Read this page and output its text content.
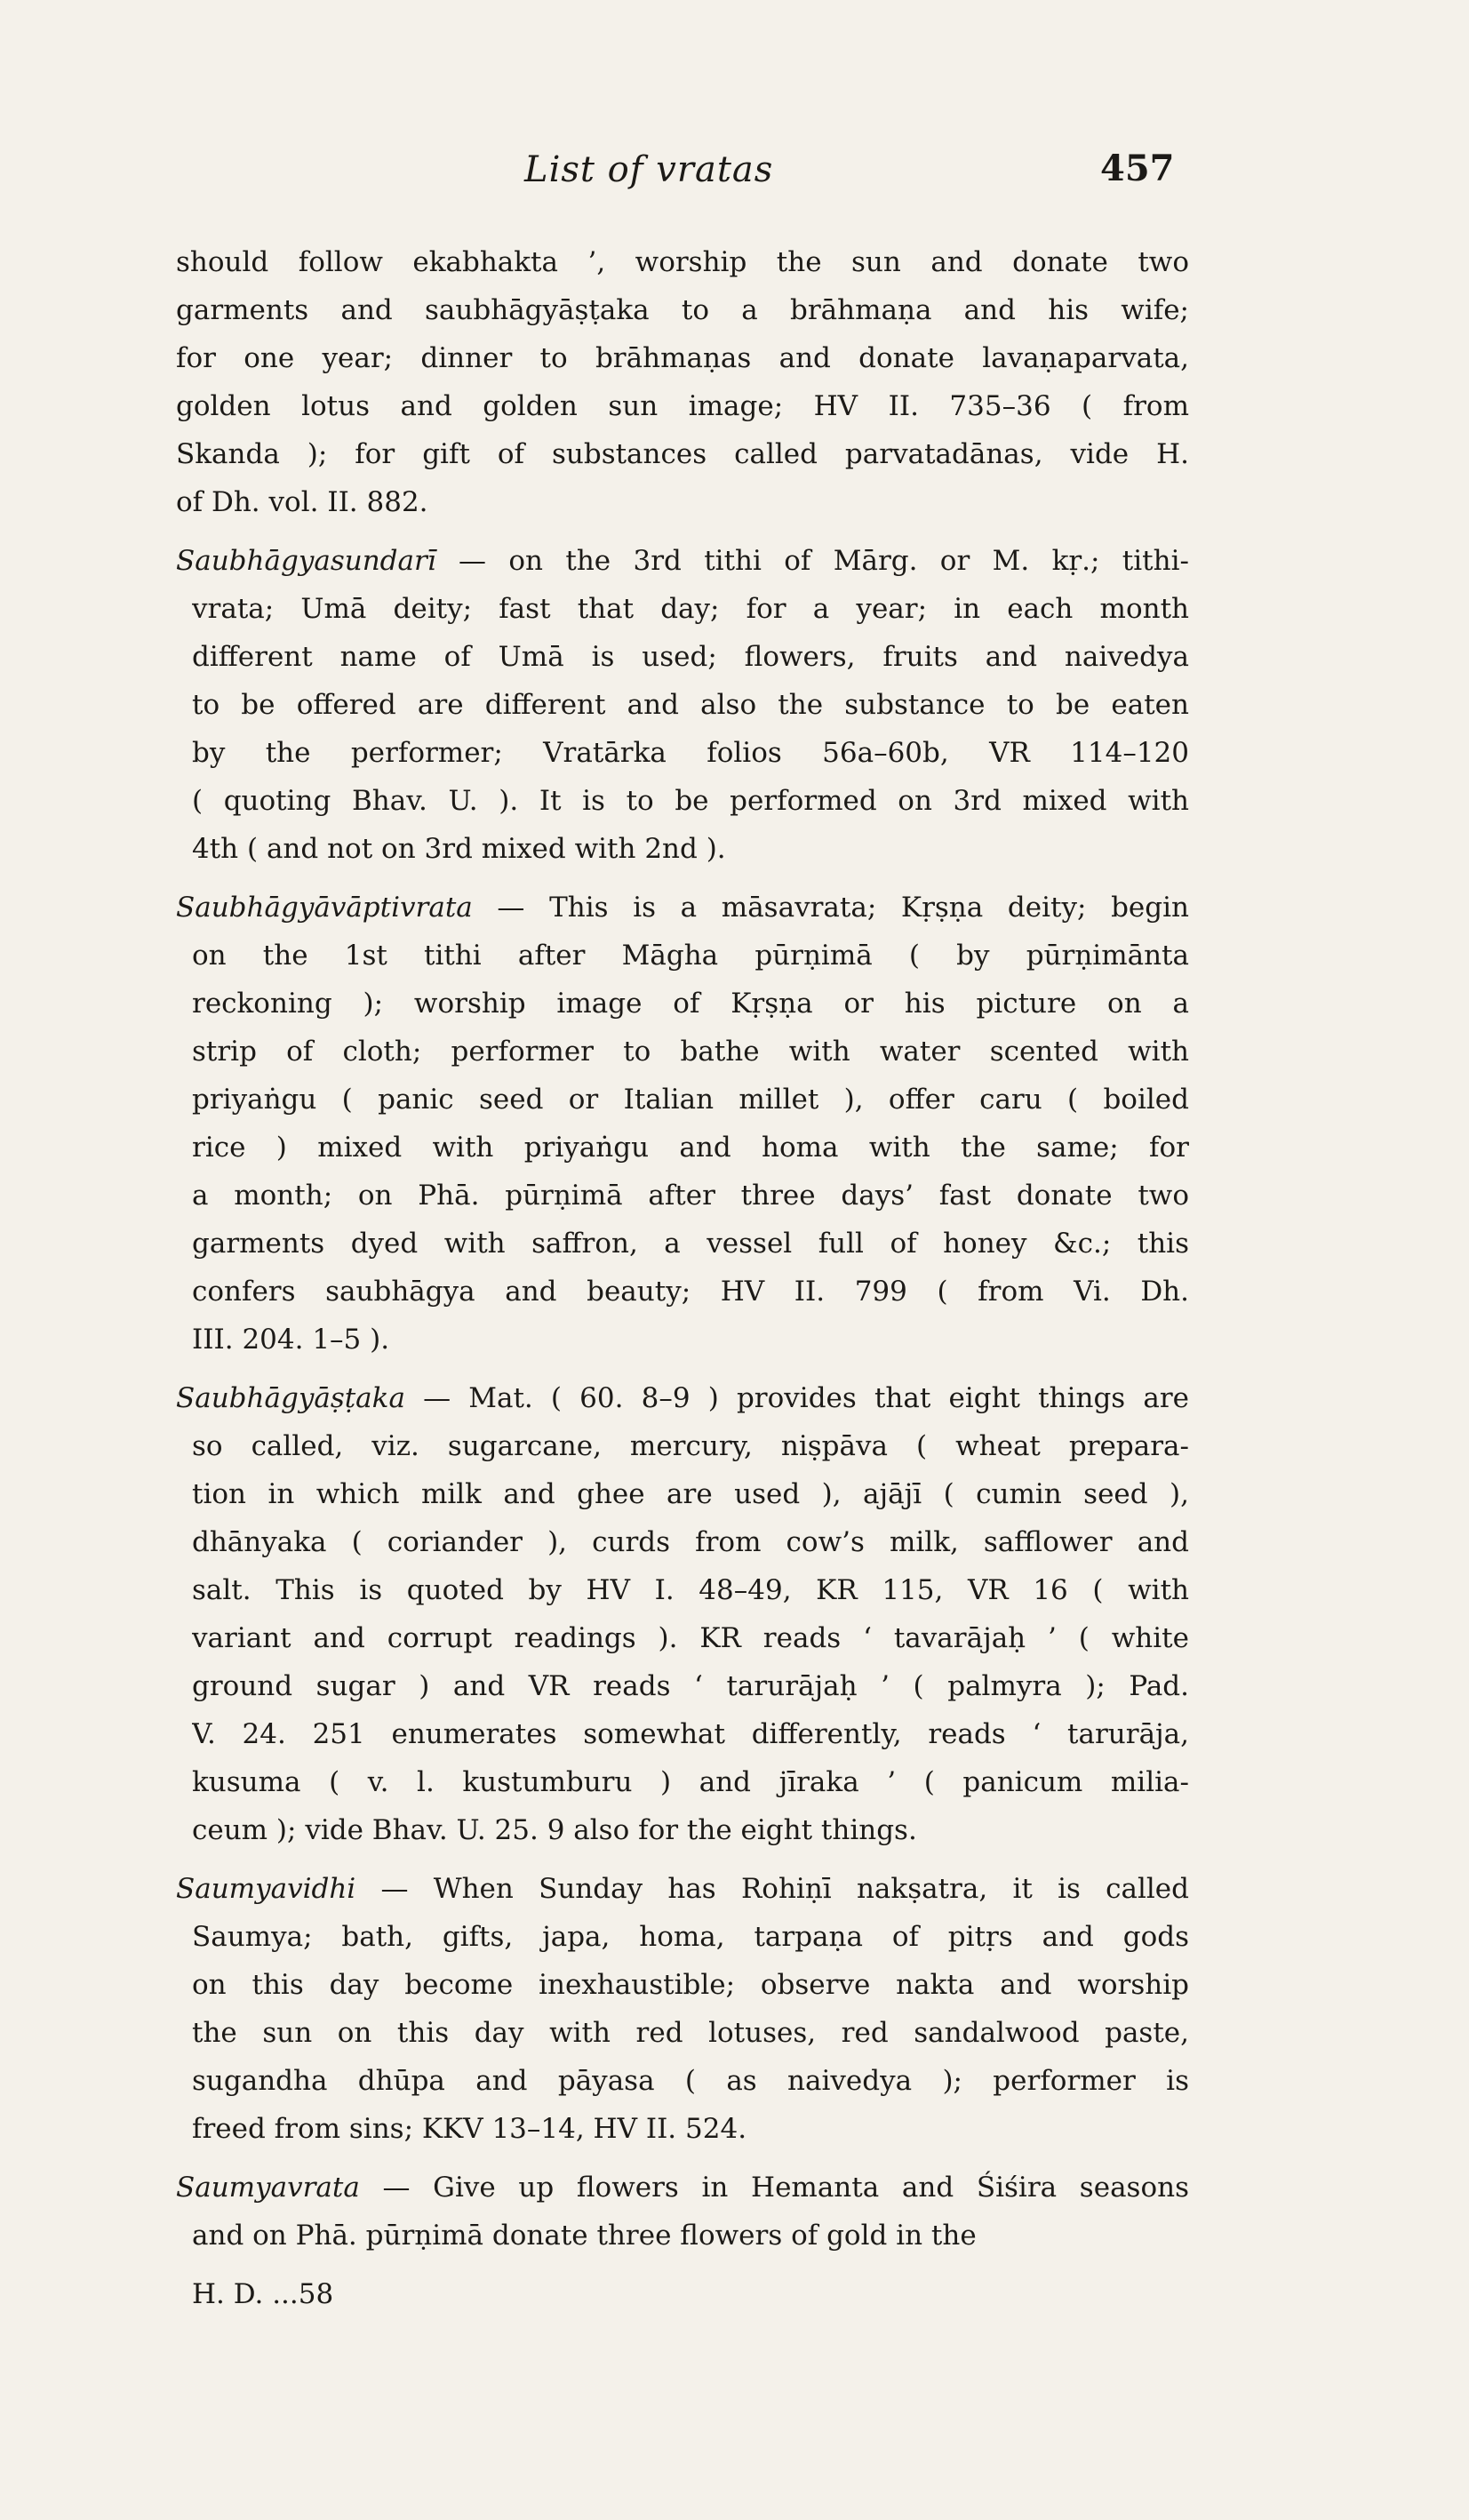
List of vratas	457
should follow ekabhakta ’, worship the sun and donate two
garments and saubhāgyāṣṭaka to a brāhmaṇa and his wife;
for one year; dinner to brāhmaṇas and donate lavaṇaparvata,
golden lotus and golden sun image; HV II. 735–36 ( from
Skanda ); for gift of substances called parvatadānas, vide H.
of Dh. vol. II. 882.
Saubhāgyasundarī — on the 3rd tithi of Mārg. or M. kṛ.; tithi-
vrata; Umā deity; fast that day; for a year; in each month
different name of Umā is used; flowers, fruits and naivedya
to be offered are different and also the substance to be eaten
by the performer; Vratārka folios 56a–60b, VR 114–120
( quoting Bhav. U. ). It is to be performed on 3rd mixed with
4th ( and not on 3rd mixed with 2nd ).
Saubhāgyāvāptivrata — This is a māsavrata; Kṛṣṇa deity; begin
on the 1st tithi after Māgha pūrṇimā ( by pūrṇimānta
reckoning ); worship image of Kṛṣṇa or his picture on a
strip of cloth; performer to bathe with water scented with
priyaṅgu ( panic seed or Italian millet ), offer caru ( boiled
rice ) mixed with priyaṅgu and homa with the same; for
a month; on Phā. pūrṇimā after three days’ fast donate two
garments dyed with saffron, a vessel full of honey &c.; this
confers saubhāgya and beauty; HV II. 799 ( from Vi. Dh.
III. 204. 1–5 ).
Saubhāgyāṣṭaka — Mat. ( 60. 8–9 ) provides that eight things are
so called, viz. sugarcane, mercury, niṣpāva ( wheat prepara-
tion in which milk and ghee are used ), ajājī ( cumin seed ),
dhānyaka ( coriander ), curds from cow’s milk, safflower and
salt. This is quoted by HV I. 48–49, KR 115, VR 16 ( with
variant and corrupt readings ). KR reads ‘ tavarājaḥ ’ ( white
ground sugar ) and VR reads ‘ tarurājaḥ ’ ( palmyra ); Pad.
V. 24. 251 enumerates somewhat differently, reads ‘ tarurāja,
kusuma ( v. l. kustumburu ) and jīraka ’ ( panicum milia-
ceum ); vide Bhav. U. 25. 9 also for the eight things.
Saumyavidhi — When Sunday has Rohiṇī nakṣatra, it is called
Saumya; bath, gifts, japa, homa, tarpaṇa of pitṛs and gods
on this day become inexhaustible; observe nakta and worship
the sun on this day with red lotuses, red sandalwood paste,
sugandha dhūpa and pāyasa ( as naivedya ); performer is
freed from sins; KKV 13–14, HV II. 524.
Saumyavrata — Give up flowers in Hemanta and Śiśira seasons
and on Phā. pūrṇimā donate three flowers of gold in the
H. D. ...58
